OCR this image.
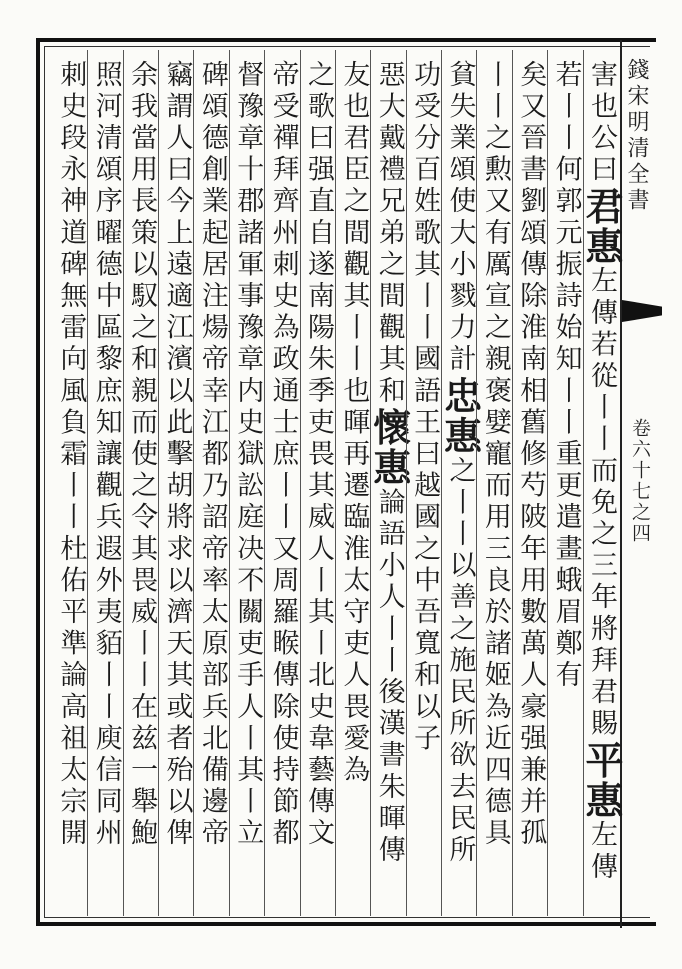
錢宋明清全書
卷六十七之四
害也公曰君惠左傳若從丨丨而免之三年將拜君賜平惠左傳
若丨丨何郭元振詩始知丨丨重更遣畫蛾眉鄭有
矣又晉書劉頌傳除淮南相舊修芍陂年用數萬人豪强兼并孤
丨丨之勲又有厲宣之親褒嬖寵而用三良於諸姬為近四德具
貧失業頌使大小戮力計忠惠之丨丨以善之施民所欲去民所
功受分百姓歌其丨丨國語王曰越國之中吾寬和以子
惡大戴禮兄弟之間觀其和懷惠論語小人丨丨後漢書朱暉傳
友也君臣之間觀其丨丨也暉再遷臨淮太守吏人畏愛為
之歌曰强直自遂南陽朱季吏畏其威人丨其丨北史韋藝傳文
帝受禪拜齊州刺史為政通士庶丨丨又周羅睺傳除使持節都
督豫章十郡諸軍事豫章内史獄訟庭决不關吏手人丨其丨立
碑頌德創業起居注煬帝幸江都乃詔帝率太原部兵北備邊帝
竊謂人曰今上遠適江濱以此擊胡將求以濟天其或者殆以俾
余我當用長策以馭之和親而使之令其畏威丨丨在兹一舉鮑
照河清頌序曜德中區黎庶知讓觀兵遐外夷貊丨丨庾信同州
刺史段永神道碑無雷向風負霜丨丨杜佑平準論高祖太宗開
